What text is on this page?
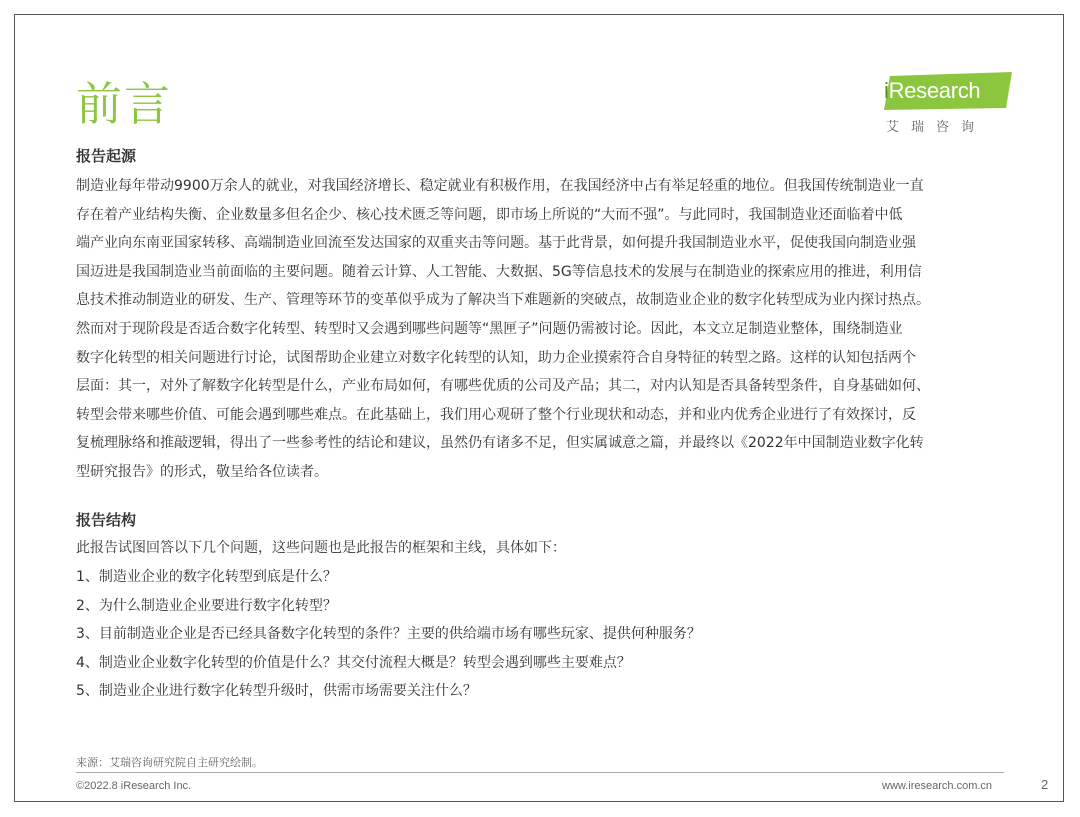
前言	iResearch
艾瑞咨询
报告起源
制造业每年带动9900万余人的就业，对我国经济增长、稳定就业有积极作用，在我国经济中占有举足轻重的地位。但我国传统制造业一直
存在着产业结构失衡、企业数量多但名企少、核心技术匮乏等问题，即市场上所说的“大而不强”。与此同时，我国制造业还面临着中低
端产业向东南亚国家转移、高端制造业回流至发达国家的双重夹击等问题。基于此背景，如何提升我国制造业水平，促使我国向制造业强
国迈进是我国制造业当前面临的主要问题。随着云计算、人工智能、大数据、5G等信息技术的发展与在制造业的探索应用的推进，利用信
息技术推动制造业的研发、生产、管理等环节的变革似乎成为了解决当下难题新的突破点，故制造业企业的数字化转型成为业内探讨热点。
然而对于现阶段是否适合数字化转型、转型时又会遇到哪些问题等“黑匣子”问题仍需被讨论。因此，本文立足制造业整体，围绕制造业
数字化转型的相关问题进行讨论，试图帮助企业建立对数字化转型的认知，助力企业摸索符合自身特征的转型之路。这样的认知包括两个
层面：其一，对外了解数字化转型是什么，产业布局如何，有哪些优质的公司及产品；其二，对内认知是否具备转型条件，自身基础如何、
转型会带来哪些价值、可能会遇到哪些难点。在此基础上，我们用心观研了整个行业现状和动态，并和业内优秀企业进行了有效探讨，反
复梳理脉络和推敲逻辑，得出了一些参考性的结论和建议，虽然仍有诸多不足，但实属诚意之篇，并最终以《2022年中国制造业数字化转
型研究报告》的形式，敬呈给各位读者。
报告结构
此报告试图回答以下几个问题，这些问题也是此报告的框架和主线，具体如下：
1、制造业企业的数字化转型到底是什么？
2、为什么制造业企业要进行数字化转型？
3、目前制造业企业是否已经具备数字化转型的条件？主要的供给端市场有哪些玩家、提供何种服务？
4、制造业企业数字化转型的价值是什么？其交付流程大概是？转型会遇到哪些主要难点？
5、制造业企业进行数字化转型升级时，供需市场需要关注什么？
来源：艾瑞咨询研究院自主研究绘制。
©2022.8 iResearch Inc.	www.iresearch.com.cn	2
